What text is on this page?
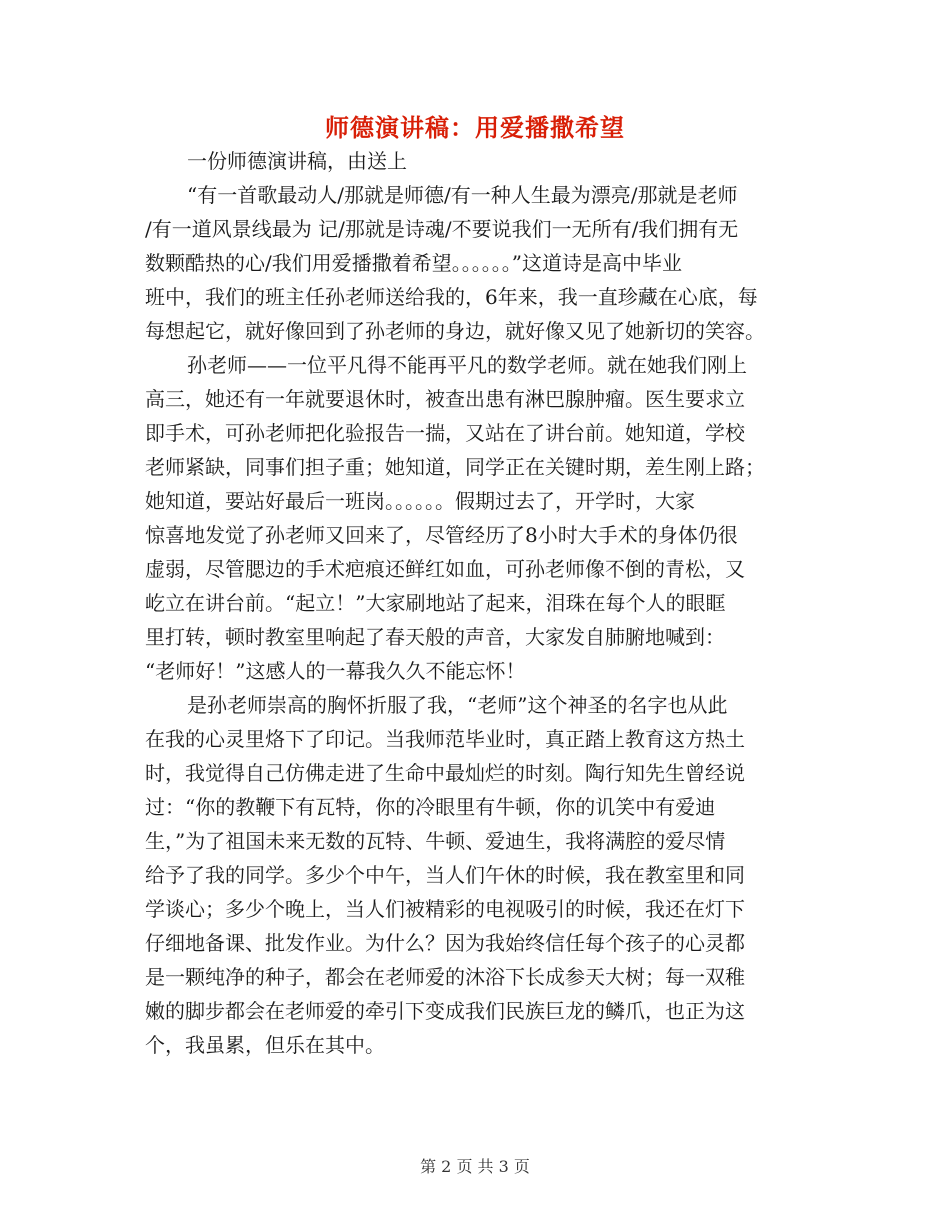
师德演讲稿：用爱播撒希望
一份师德演讲稿，由送上
“有一首歌最动人/那就是师德/有一种人生最为漂亮/那就是老师
/有一道风景线最为 记/那就是诗魂/不要说我们一无所有/我们拥有无
数颗酷热的心/我们用爱播撒着希望。。。。。。”这道诗是高中毕业
班中，我们的班主任孙老师送给我的，6年来，我一直珍藏在心底，每
每想起它，就好像回到了孙老师的身边，就好像又见了她新切的笑容。
孙老师——一位平凡得不能再平凡的数学老师。就在她我们刚上
高三，她还有一年就要退休时，被查出患有淋巴腺肿瘤。医生要求立
即手术，可孙老师把化验报告一揣，又站在了讲台前。她知道，学校
老师紧缺，同事们担子重；她知道，同学正在关键时期，差生刚上路；
她知道，要站好最后一班岗。。。。。。假期过去了，开学时，大家
惊喜地发觉了孙老师又回来了，尽管经历了8小时大手术的身体仍很
虚弱，尽管腮边的手术疤痕还鲜红如血，可孙老师像不倒的青松，又
屹立在讲台前。“起立！”大家刷地站了起来，泪珠在每个人的眼眶
里打转，顿时教室里响起了春天般的声音，大家发自肺腑地喊到：
“老师好！”这感人的一幕我久久不能忘怀！
是孙老师崇高的胸怀折服了我，“老师”这个神圣的名字也从此
在我的心灵里烙下了印记。当我师范毕业时，真正踏上教育这方热土
时，我觉得自己仿佛走进了生命中最灿烂的时刻。陶行知先生曾经说
过：“你的教鞭下有瓦特，你的冷眼里有牛顿，你的讥笑中有爱迪
生，”为了祖国未来无数的瓦特、牛顿、爱迪生，我将满腔的爱尽情
给予了我的同学。多少个中午，当人们午休的时候，我在教室里和同
学谈心；多少个晚上，当人们被精彩的电视吸引的时候，我还在灯下
仔细地备课、批发作业。为什么？因为我始终信任每个孩子的心灵都
是一颗纯净的种子，都会在老师爱的沐浴下长成参天大树；每一双稚
嫩的脚步都会在老师爱的牵引下变成我们民族巨龙的鳞爪，也正为这
个，我虽累，但乐在其中。
第 2 页 共 3 页
